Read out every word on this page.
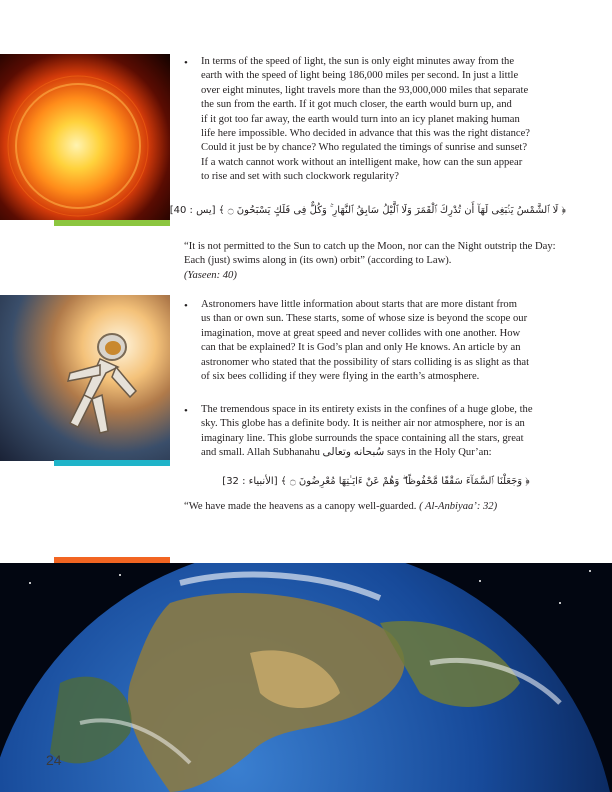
• In terms of the speed of light, the sun is only eight minutes away from the
earth with the speed of light being 186,000 miles per second. In just a little
over eight minutes, light travels more than the 93,000,000 miles that separate
the sun from the earth. If it got much closer, the earth would burn up, and
if it got too far away, the earth would turn into an icy planet making human
life here impossible. Who decided in advance that this was the right distance?
Could it just be by chance? Who regulated the timings of sunrise and sunset?
If a watch cannot work without an intelligent make, how can the sun appear
to rise and set with such clockwork regularity?

﴿ لَا ٱلشَّمْسُ يَنۢبَغِى لَهَآ أَن تُدْرِكَ ٱلْقَمَرَ وَلَا ٱلَّيْلُ سَابِقُ ٱلنَّهَارِ ۚ وَكُلٌّ فِى فَلَكٍ يَسْبَحُونَ ۝ ﴾ [يس : 40]

“It is not permitted to the Sun to catch up the Moon, nor can the Night outstrip the Day: Each (just) swims along in (its own) orbit” (according to Law).
(Yaseen: 40)

• Astronomers have little information about starts that are more distant from
us than or own sun. These starts, some of whose size is beyond the scope our
imagination, move at great speed and never collides with one another. How
can that be explained? It is God’s plan and only He knows. An article by an
astronomer who stated that the possibility of stars colliding is as slight as that
of six bees colliding if they were flying in the earth’s atmosphere.

• The tremendous space in its entirety exists in the confines of a huge globe, the
sky. This globe has a definite body. It is neither air nor atmosphere, nor is an
imaginary line. This globe surrounds the space containing all the stars, great
and small. Allah Subhanahu سُبحانه وتعالى says in the Holy Qur’an:

﴿ وَجَعَلْنَا ٱلسَّمَآءَ سَقْفًا مَّحْفُوظًا ۖ وَهُمْ عَنْ ءَايَـٰتِهَا مُعْرِضُونَ ۝ ﴾ [الأنبياء : 32]

“We have made the heavens as a canopy well-guarded. ( Al-Anbiyaa’: 32)

24
